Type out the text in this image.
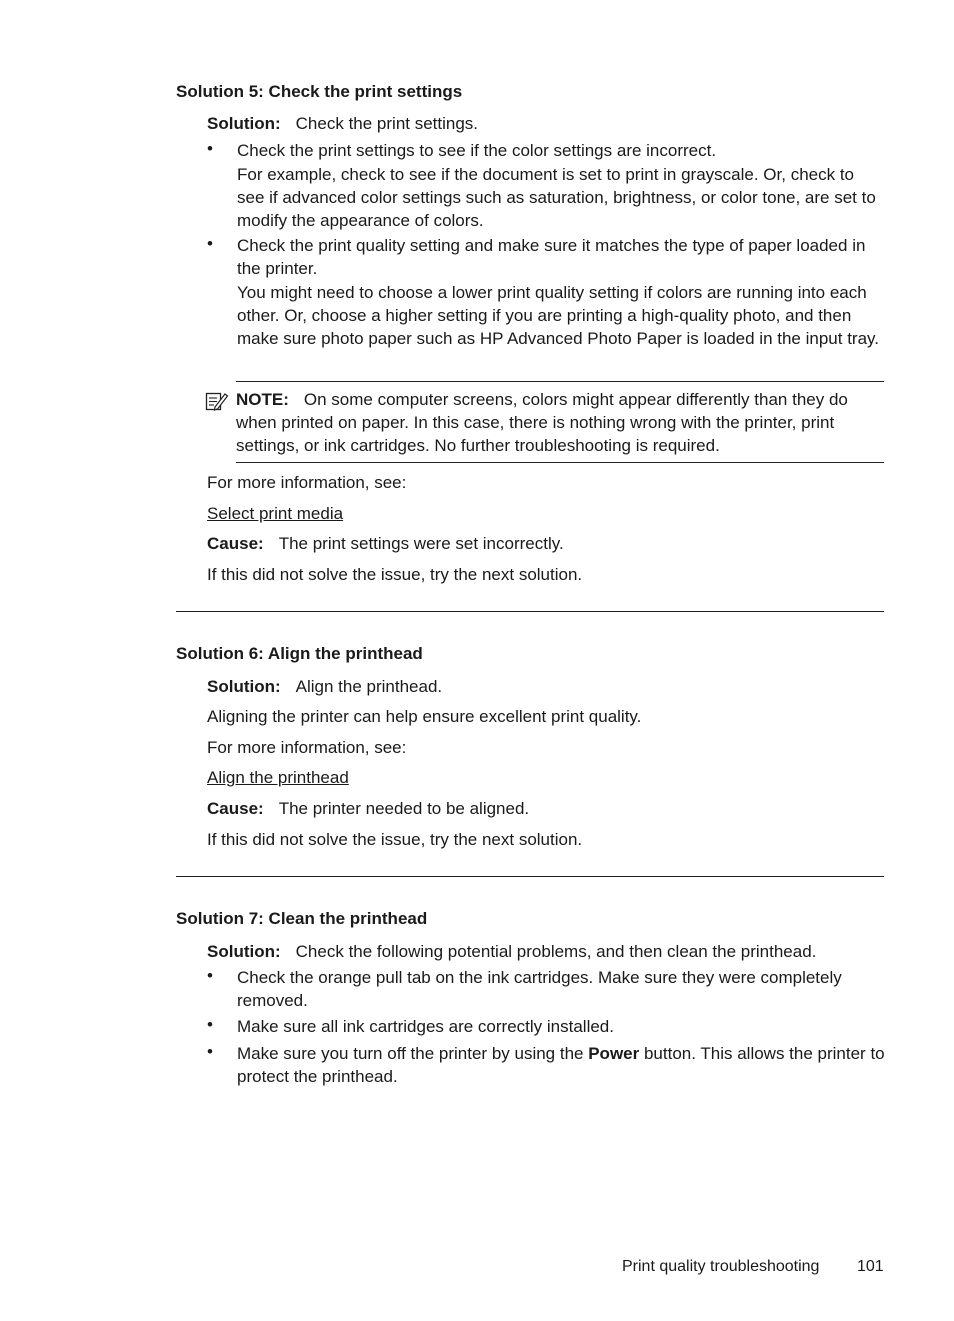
Solution 5: Check the print settings
Solution: Check the print settings.
• Check the print settings to see if the color settings are incorrect.
For example, check to see if the document is set to print in grayscale. Or, check to see if advanced color settings such as saturation, brightness, or color tone, are set to modify the appearance of colors.
• Check the print quality setting and make sure it matches the type of paper loaded in the printer.
You might need to choose a lower print quality setting if colors are running into each other. Or, choose a higher setting if you are printing a high-quality photo, and then make sure photo paper such as HP Advanced Photo Paper is loaded in the input tray.
NOTE: On some computer screens, colors might appear differently than they do when printed on paper. In this case, there is nothing wrong with the printer, print settings, or ink cartridges. No further troubleshooting is required.
For more information, see:
Select print media
Cause: The print settings were set incorrectly.
If this did not solve the issue, try the next solution.
Solution 6: Align the printhead
Solution: Align the printhead.
Aligning the printer can help ensure excellent print quality.
For more information, see:
Align the printhead
Cause: The printer needed to be aligned.
If this did not solve the issue, try the next solution.
Solution 7: Clean the printhead
Solution: Check the following potential problems, and then clean the printhead.
• Check the orange pull tab on the ink cartridges. Make sure they were completely removed.
• Make sure all ink cartridges are correctly installed.
• Make sure you turn off the printer by using the Power button. This allows the printer to protect the printhead.
Print quality troubleshooting 101
